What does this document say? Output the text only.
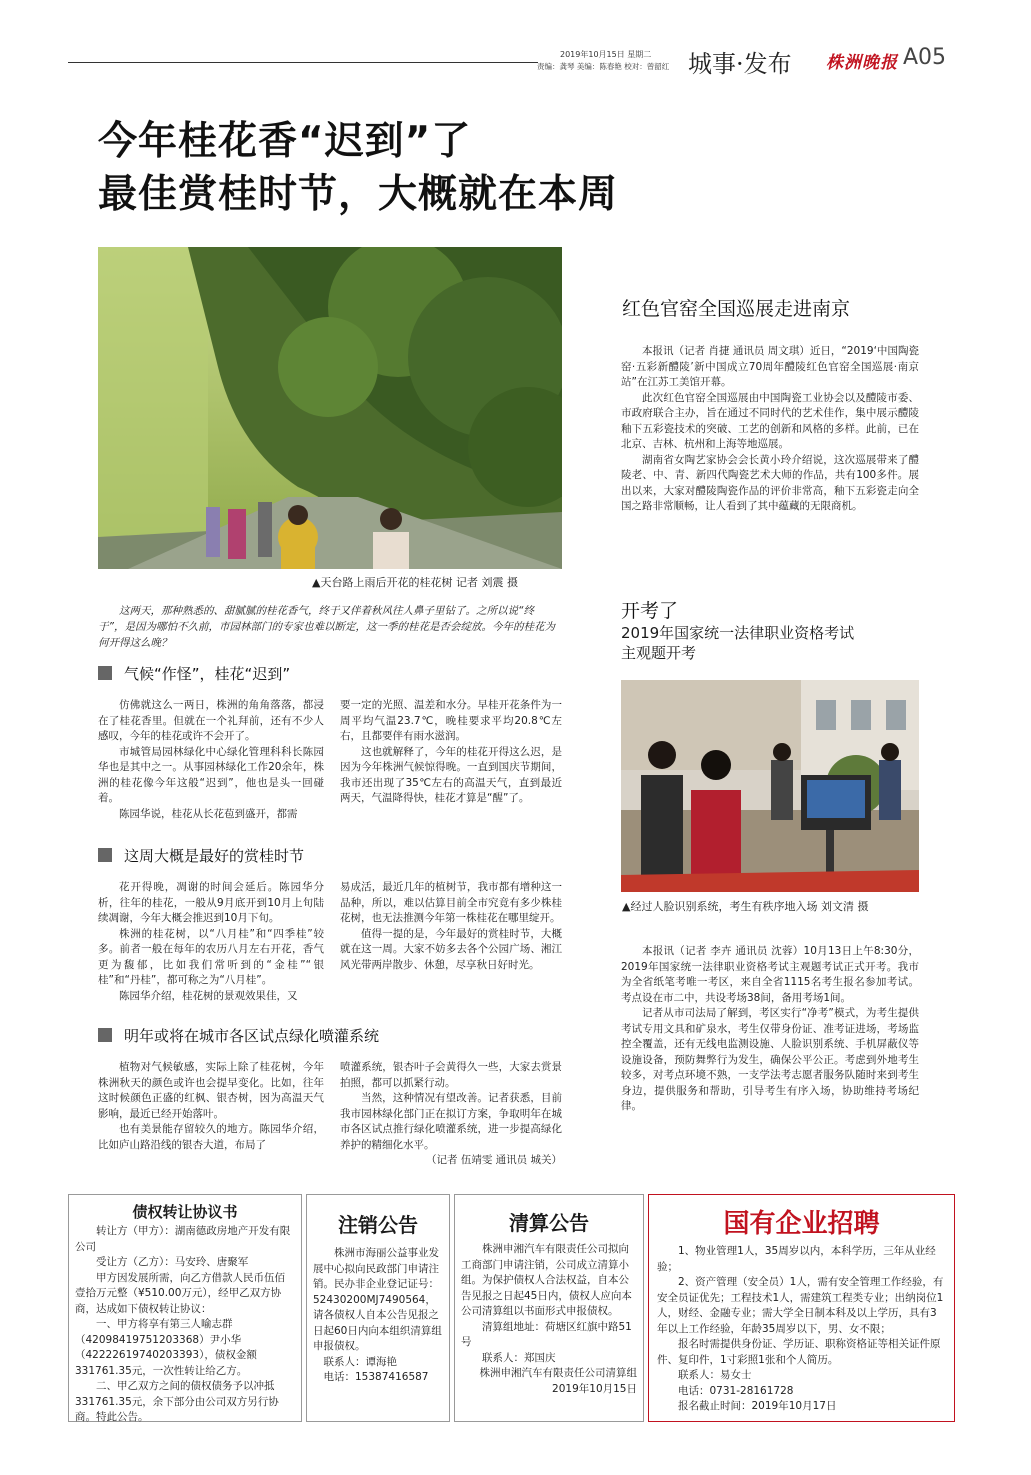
2019年10月15日 星期二
责编：龚琴 美编：陈春艳 校对：曾韶红 城事·发布 株洲晚报 A05
今年桂花香“迟到”了
最佳赏桂时节，大概就在本周
▲天台路上雨后开花的桂花树 记者 刘震 摄
这两天，那种熟悉的、甜腻腻的桂花香气，终于又伴着秋风往人鼻子里钻了。之所以说“终于”，是因为哪怕不久前，市园林部门的专家也难以断定，这一季的桂花是否会绽放。今年的桂花为何开得这么晚？
气候“作怪”，桂花“迟到”

仿佛就这么一两日，株洲的角角落落，都浸在了桂花香里。但就在一个礼拜前，还有不少人感叹，今年的桂花或许不会开了。

市城管局园林绿化中心绿化管理科科长陈园华也是其中之一。从事园林绿化工作20余年，株洲的桂花像今年这般“迟到”，他也是头一回碰着。

陈园华说，桂花从长花苞到盛开，都需

要一定的光照、温差和水分。早桂开花条件为一周平均气温23.7℃，晚桂要求平均20.8℃左右，且都要伴有雨水滋润。

这也就解释了，今年的桂花开得这么迟，是因为今年株洲气候惊得晚。一直到国庆节期间，我市还出现了35℃左右的高温天气，直到最近两天，气温降得快，桂花才算是“醒”了。

这周大概是最好的赏桂时节

花开得晚，凋谢的时间会延后。陈园华分析，往年的桂花，一般从9月底开到10月上旬陆续凋谢，今年大概会推迟到10月下旬。

株洲的桂花树，以“八月桂”和“四季桂”较多。前者一般在每年的农历八月左右开花，香气更为馥郁，比如我们常听到的“金桂”“银桂”和“丹桂”，都可称之为“八月桂”。

陈园华介绍，桂花树的景观效果佳，又

易成活，最近几年的植树节，我市都有增种这一品种，所以，难以估算目前全市究竟有多少株桂花树，也无法推测今年第一株桂花在哪里绽开。

值得一提的是，今年最好的赏桂时节，大概就在这一周。大家不妨多去各个公园广场、湘江风光带两岸散步、休憩，尽享秋日好时光。

明年或将在城市各区试点绿化喷灌系统

植物对气候敏感，实际上除了桂花树，今年株洲秋天的颜色或许也会提早变化。比如，往年这时候颜色正盛的红枫、银杏树，因为高温天气影响，最近已经开始落叶。

也有美景能存留较久的地方。陈园华介绍，比如庐山路沿线的银杏大道，布局了

喷灌系统，银杏叶子会黄得久一些，大家去赏景拍照，都可以抓紧行动。

当然，这种情况有望改善。记者获悉，目前我市园林绿化部门正在拟订方案，争取明年在城市各区试点推行绿化喷灌系统，进一步提高绿化养护的精细化水平。

（记者 伍靖雯 通讯员 城关）
红色官窑全国巡展走进南京

本报讯（记者 肖捷 通讯员 周文琪）近日，“2019‘中国陶瓷窑·五彩新醴陵’新中国成立70周年醴陵红色官窑全国巡展·南京站”在江苏工美馆开幕。

此次红色官窑全国巡展由中国陶瓷工业协会以及醴陵市委、市政府联合主办，旨在通过不同时代的艺术佳作，集中展示醴陵釉下五彩瓷技术的突破、工艺的创新和风格的多样。此前，已在北京、吉林、杭州和上海等地巡展。

湖南省女陶艺家协会会长黄小玲介绍说，这次巡展带来了醴陵老、中、青、新四代陶瓷艺术大师的作品，共有100多件。展出以来，大家对醴陵陶瓷作品的评价非常高，釉下五彩瓷走向全国之路非常顺畅，让人看到了其中蕴藏的无限商机。

开考了
2019年国家统一法律职业资格考试
主观题开考
▲经过人脸识别系统，考生有秩序地入场 刘文清 摄

本报讯（记者 李卉 通讯员 沈蓉）10月13日上午8:30分，2019年国家统一法律职业资格考试主观题考试正式开考。我市为全省纸笔考唯一考区，来自全省1115名考生报名参加考试。考点设在市二中，共设考场38间，备用考场1间。

记者从市司法局了解到，考区实行“净考”模式，为考生提供考试专用文具和矿泉水，考生仅带身份证、准考证进场，考场监控全覆盖，还有无线电监测设施、人脸识别系统、手机屏蔽仪等设施设备，预防舞弊行为发生，确保公平公正。考虑到外地考生较多，对考点环境不熟，一支学法考志愿者服务队随时来到考生身边，提供服务和帮助，引导考生有序入场，协助维持考场纪律。

债权转让协议书

转让方（甲方）：湖南德政房地产开发有限公司

受让方（乙方）：马安玲、唐聚军

甲方因发展所需，向乙方借款人民币伍佰壹拾万元整（¥510.00万元），经甲乙双方协商，达成如下债权转让协议：

一、甲方将享有第三人喻志群（42098419751203368）尹小华（42222619740203393），债权金额331761.35元，一次性转让给乙方。

二、甲乙双方之间的债权债务予以冲抵331761.35元，余下部分由公司双方另行协商。特此公告。

注销公告

株洲市海丽公益事业发展中心拟向民政部门申请注销。民办非企业登记证号：52430200MJ7490564，请各债权人自本公告见报之日起60日内向本组织清算组申报债权。

联系人：谭海艳

电话：15387416587

清算公告

株洲申湘汽车有限责任公司拟向工商部门申请注销，公司成立清算小组。为保护债权人合法权益，自本公告见报之日起45日内，债权人应向本公司清算组以书面形式申报债权。

清算组地址：荷塘区红旗中路51号

联系人：郑国庆

株洲申湘汽车有限责任公司清算组

2019年10月15日

国有企业招聘

1、物业管理1人，35周岁以内，本科学历，三年从业经验；

2、资产管理（安全员）1人，需有安全管理工作经验，有安全员证优先；工程技术1人，需建筑工程类专业；出纳岗位1人，财经、金融专业；需大学全日制本科及以上学历，具有3年以上工作经验，年龄35周岁以下，男、女不限；

报名时需提供身份证、学历证、职称资格证等相关证件原件、复印件，1寸彩照1张和个人简历。

联系人：易女士

电话：0731-28161728

报名截止时间：2019年10月17日
